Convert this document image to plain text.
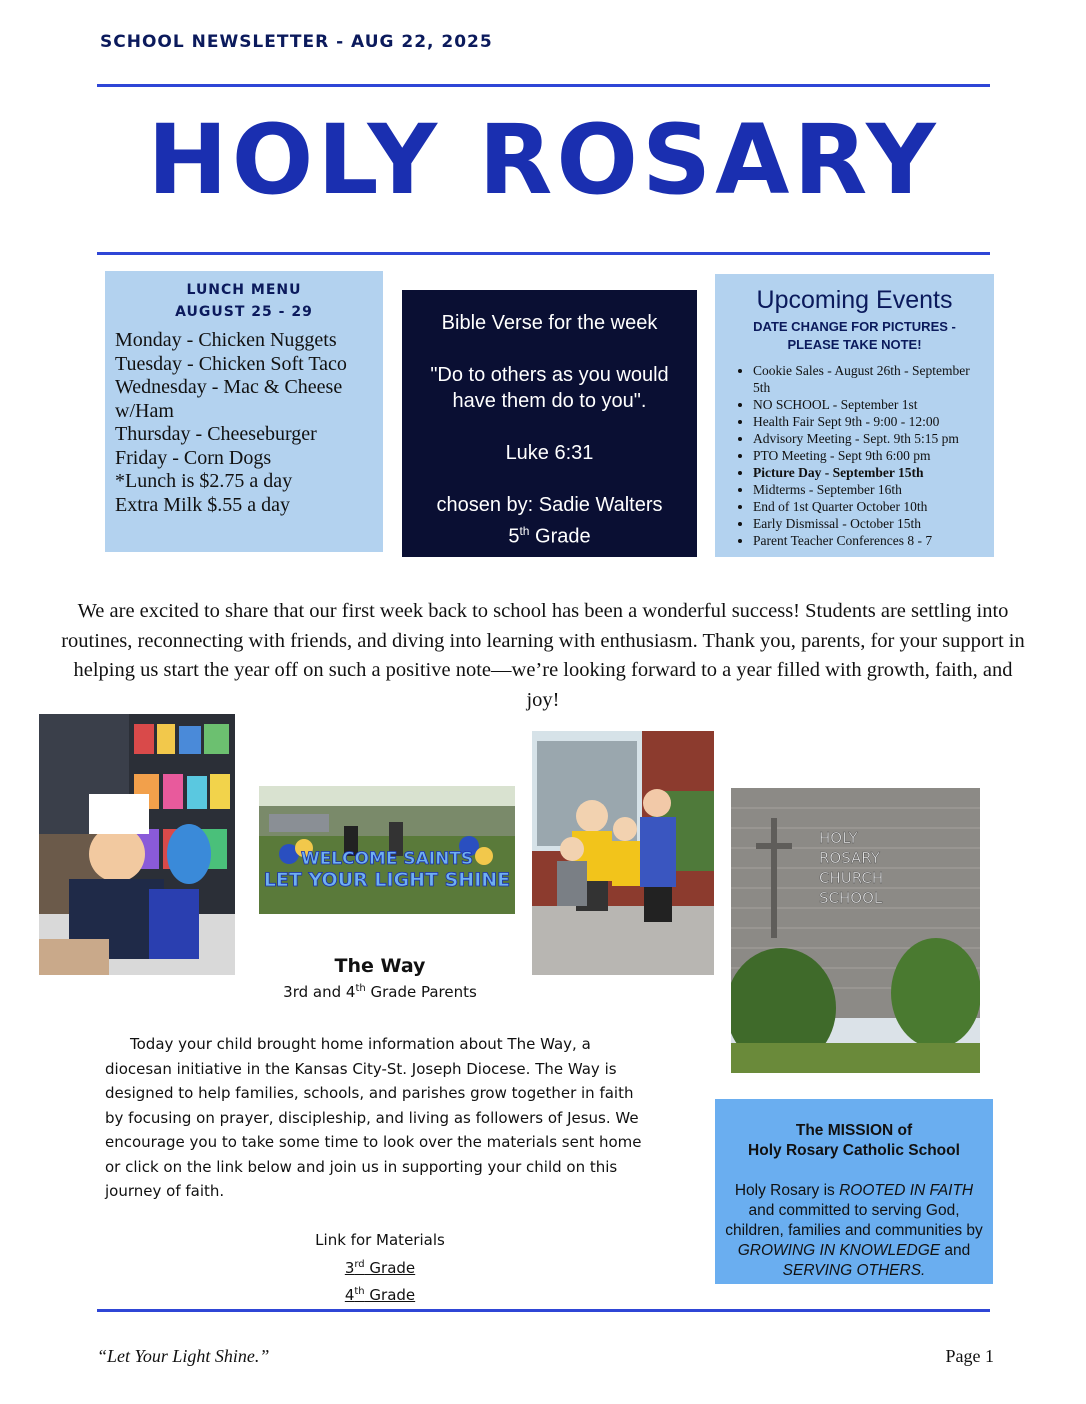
SCHOOL NEWSLETTER - AUG 22, 2025
HOLY ROSARY
LUNCH MENU
AUGUST 25 - 29
Monday - Chicken Nuggets
Tuesday - Chicken Soft Taco
Wednesday - Mac & Cheese w/Ham
Thursday - Cheeseburger
Friday - Corn Dogs
*Lunch is $2.75 a day
Extra Milk $.55 a day
Bible Verse for the week
"Do to others as you would
have them do to you".
Luke 6:31
chosen by: Sadie Walters
5th Grade
Upcoming Events
DATE CHANGE FOR PICTURES -
PLEASE TAKE NOTE!
• Cookie Sales - August 26th - September 5th
• NO SCHOOL - September 1st
• Health Fair Sept 9th - 9:00 - 12:00
• Advisory Meeting - Sept. 9th 5:15 pm
• PTO Meeting - Sept 9th 6:00 pm
• Picture Day - September 15th
• Midterms - September 16th
• End of 1st Quarter October 10th
• Early Dismissal - October 15th
• Parent Teacher Conferences 8 - 7
We are excited to share that our first week back to school has been a wonderful success! Students are settling into routines, reconnecting with friends, and diving into learning with enthusiasm. Thank you, parents, for your support in helping us start the year off on such a positive note—we’re looking forward to a year filled with growth, faith, and joy!
WELCOME SAINTS
LET YOUR LIGHT SHINE
HOLY
ROSARY
CHURCH
SCHOOL
The Way
3rd and 4th Grade Parents
Today your child brought home information about The Way, a diocesan initiative in the Kansas City-St. Joseph Diocese. The Way is designed to help families, schools, and parishes grow together in faith by focusing on prayer, discipleship, and living as followers of Jesus. We encourage you to take some time to look over the materials sent home or click on the link below and join us in supporting your child on this journey of faith.
Link for Materials
3rd Grade
4th Grade
The MISSION of
Holy Rosary Catholic School
Holy Rosary is ROOTED IN FAITH and committed to serving God, children, families and communities by GROWING IN KNOWLEDGE and SERVING OTHERS.
“Let Your Light Shine.”	Page 1
